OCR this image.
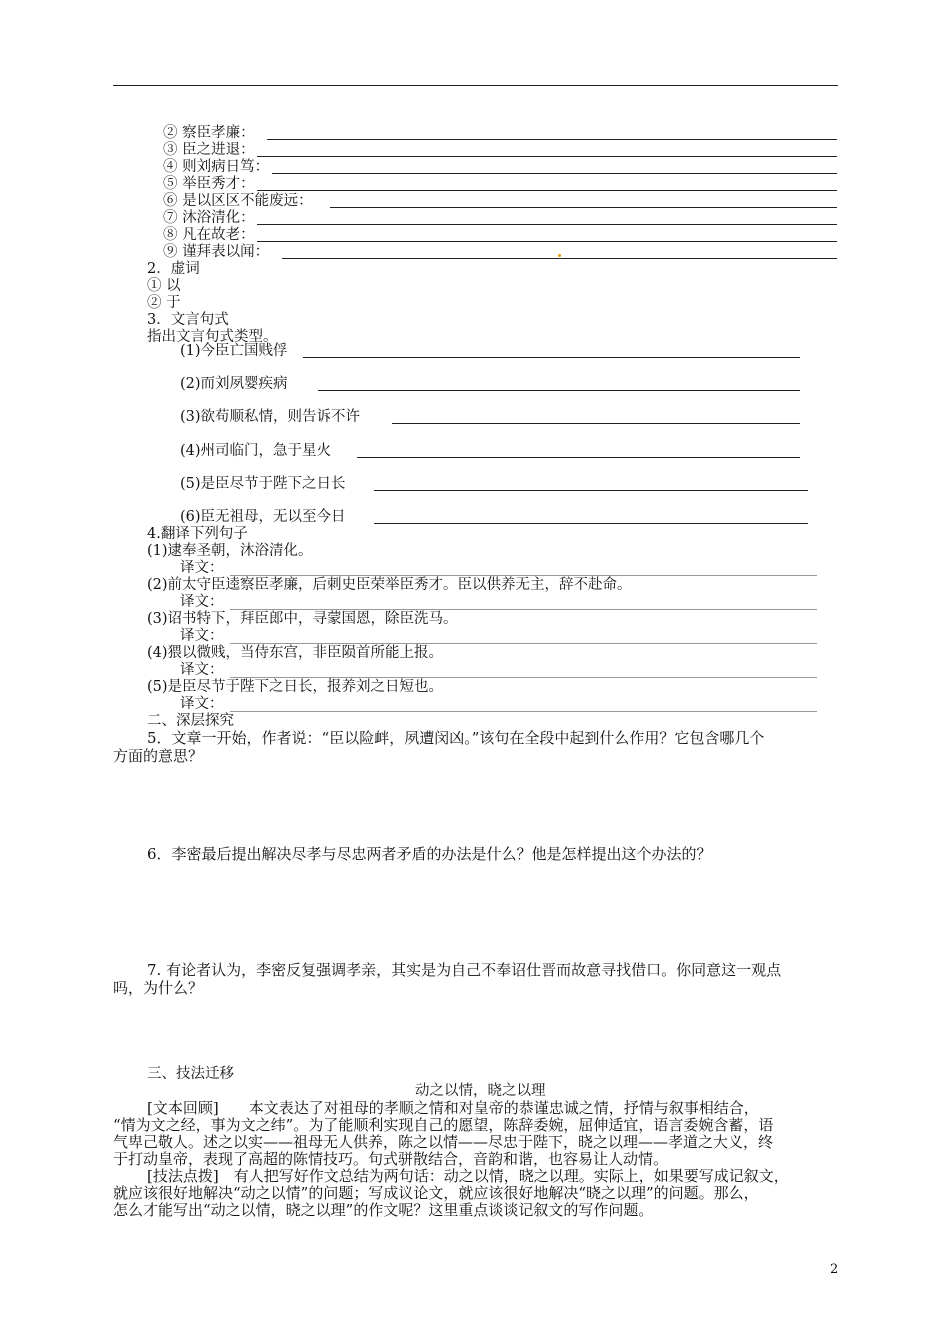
② 察臣孝廉：
③ 臣之进退：
④ 则刘病日笃：
⑤ 举臣秀才：
⑥ 是以区区不能废远：
⑦ 沐浴清化：
⑧ 凡在故老：
⑨ 谨拜表以闻：
2．虚词
① 以
② 于
3．文言句式
指出文言句式类型。
(1)今臣亡国贱俘
(2)而刘夙婴疾病
(3)欲苟顺私情，则告诉不许
(4)州司临门，急于星火
(5)是臣尽节于陛下之日长
(6)臣无祖母，无以至今日
4.翻译下列句子
(1)逮奉圣朝，沐浴清化。
译文：
(2)前太守臣逵察臣孝廉，后刺史臣荣举臣秀才。臣以供养无主，辞不赴命。
译文：
(3)诏书特下，拜臣郎中，寻蒙国恩，除臣洗马。
译文：
(4)猥以微贱，当侍东宫，非臣陨首所能上报。
译文：
(5)是臣尽节于陛下之日长，报养刘之日短也。
译文：
二、深层探究
5．文章一开始，作者说：“臣以险衅，夙遭闵凶。”该句在全段中起到什么作用？它包含哪几个
方面的意思？
6．李密最后提出解决尽孝与尽忠两者矛盾的办法是什么？他是怎样提出这个办法的？
7. 有论者认为，李密反复强调孝亲，其实是为自己不奉诏仕晋而故意寻找借口。你同意这一观点
吗，为什么？
三、技法迁移
动之以情，晓之以理
[文本回顾]　　本文表达了对祖母的孝顺之情和对皇帝的恭谨忠诚之情，抒情与叙事相结合，
“情为文之经，事为文之纬”。为了能顺利实现自己的愿望，陈辞委婉，屈伸适宜，语言委婉含蓄，语
气卑己敬人。述之以实——祖母无人供养，陈之以情——尽忠于陛下，晓之以理——孝道之大义，终
于打动皇帝，表现了高超的陈情技巧。句式骈散结合，音韵和谐，也容易让人动情。
[技法点拨]　有人把写好作文总结为两句话：动之以情，晓之以理。实际上，如果要写成记叙文，
就应该很好地解决“动之以情”的问题；写成议论文，就应该很好地解决“晓之以理”的问题。那么，
怎么才能写出“动之以情，晓之以理”的作文呢？这里重点谈谈记叙文的写作问题。
2
